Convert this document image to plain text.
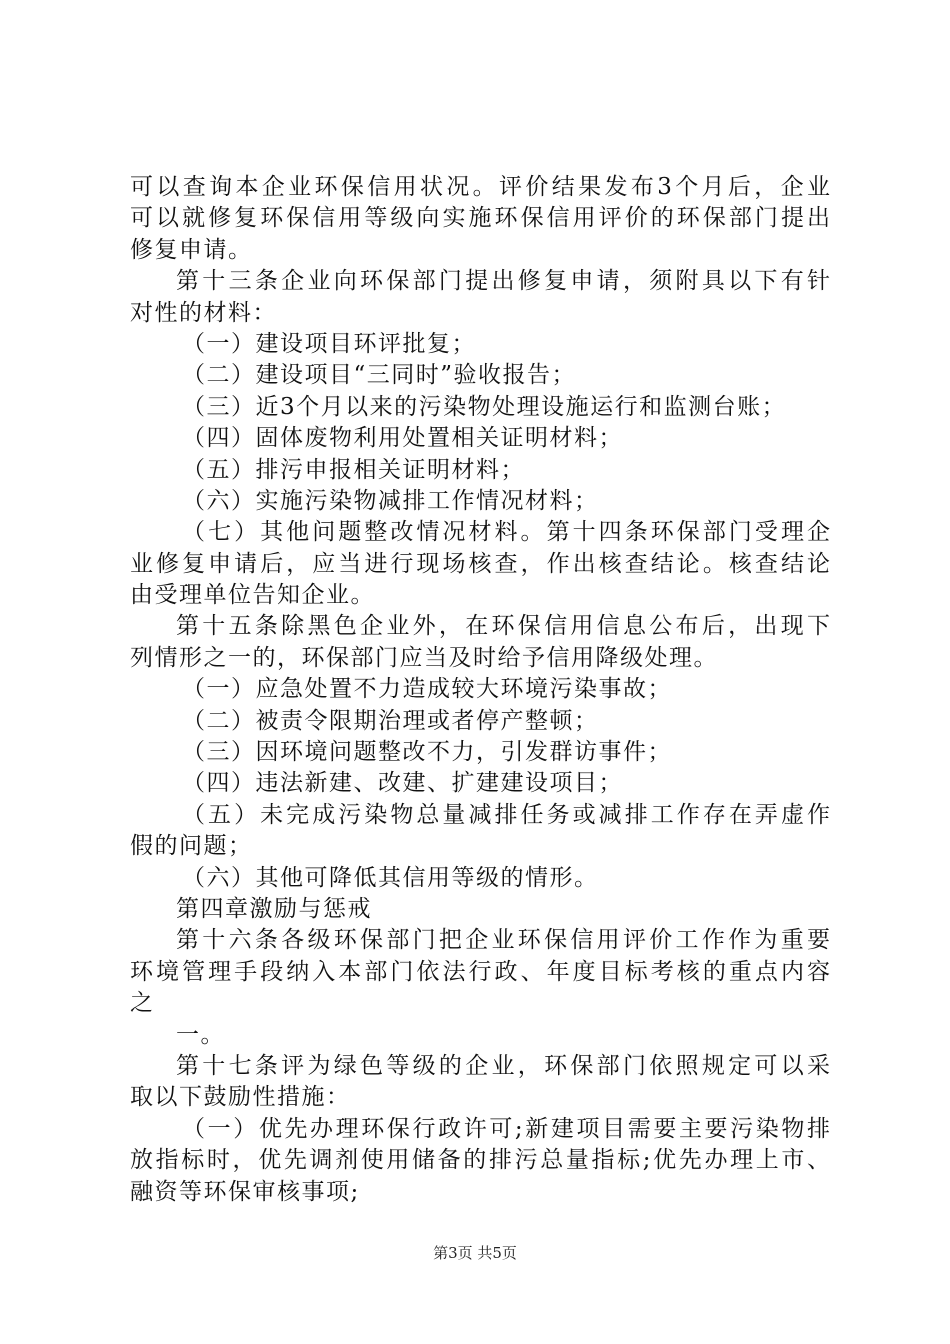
可以查询本企业环保信用状况。评价结果发布3个月后，企业
可以就修复环保信用等级向实施环保信用评价的环保部门提出
修复申请。
第十三条企业向环保部门提出修复申请，须附具以下有针
对性的材料：
（一）建设项目环评批复；
（二）建设项目“三同时”验收报告；
（三）近3个月以来的污染物处理设施运行和监测台账；
（四）固体废物利用处置相关证明材料；
（五）排污申报相关证明材料；
（六）实施污染物减排工作情况材料；
（七）其他问题整改情况材料。第十四条环保部门受理企
业修复申请后，应当进行现场核查，作出核查结论。核查结论
由受理单位告知企业。
第十五条除黑色企业外，在环保信用信息公布后，出现下
列情形之一的，环保部门应当及时给予信用降级处理。
（一）应急处置不力造成较大环境污染事故；
（二）被责令限期治理或者停产整顿；
（三）因环境问题整改不力，引发群访事件；
（四）违法新建、改建、扩建建设项目；
（五）未完成污染物总量减排任务或减排工作存在弄虚作
假的问题；
（六）其他可降低其信用等级的情形。
第四章激励与惩戒
第十六条各级环保部门把企业环保信用评价工作作为重要
环境管理手段纳入本部门依法行政、年度目标考核的重点内容
之
一。
第十七条评为绿色等级的企业，环保部门依照规定可以采
取以下鼓励性措施：
（一）优先办理环保行政许可;新建项目需要主要污染物排
放指标时，优先调剂使用储备的排污总量指标;优先办理上市、
融资等环保审核事项;
第3页 共5页
